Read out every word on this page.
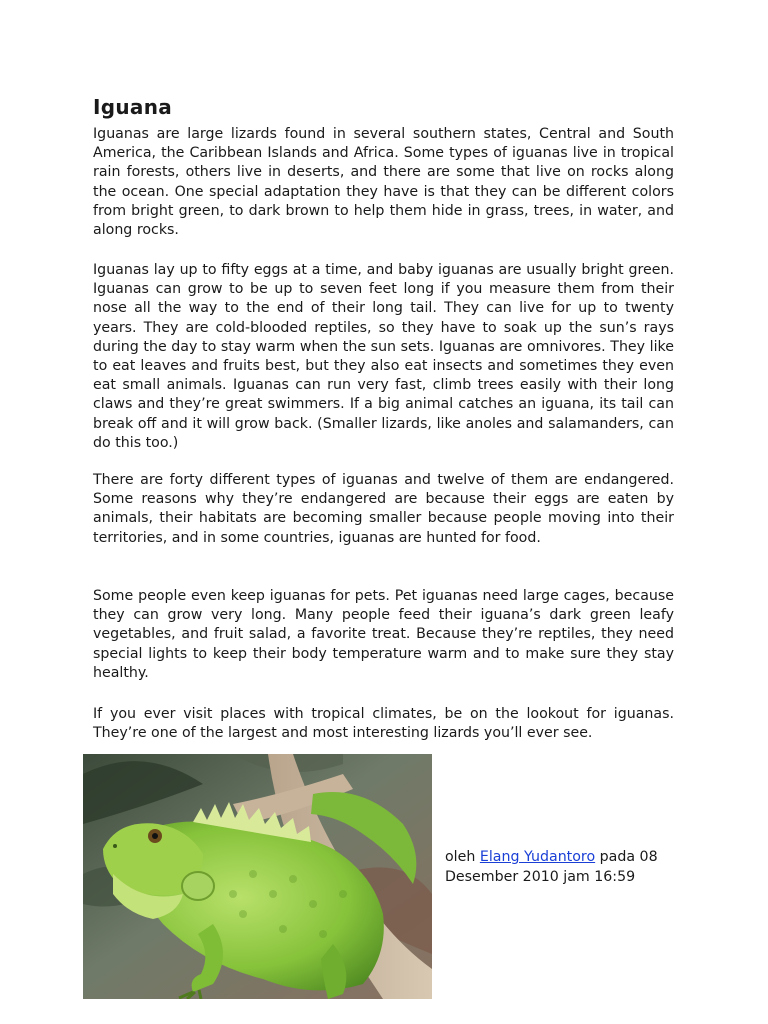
Iguana

Iguanas are large lizards found in several southern states, Central and South America, the Caribbean Islands and Africa. Some types of iguanas live in tropical rain forests, others live in deserts, and there are some that live on rocks along the ocean. One special adaptation they have is that they can be different colors from bright green, to dark brown to help them hide in grass, trees, in water, and along rocks.

Iguanas lay up to fifty eggs at a time, and baby iguanas are usually bright green. Iguanas can grow to be up to seven feet long if you measure them from their nose all the way to the end of their long tail. They can live for up to twenty years. They are cold-blooded reptiles, so they have to soak up the sun’s rays during the day to stay warm when the sun sets. Iguanas are omnivores. They like to eat leaves and fruits best, but they also eat insects and sometimes they even eat small animals. Iguanas can run very fast, climb trees easily with their long claws and they’re great swimmers. If a big animal catches an iguana, its tail can break off and it will grow back. (Smaller lizards, like anoles and salamanders, can do this too.)

There are forty different types of iguanas and twelve of them are endangered. Some reasons why they’re endangered are because their eggs are eaten by animals, their habitats are becoming smaller because people moving into their territories, and in some countries, iguanas are hunted for food.

Some people even keep iguanas for pets. Pet iguanas need large cages, because they can grow very long. Many people feed their iguana’s dark green leafy vegetables, and fruit salad, a favorite treat. Because they’re reptiles, they need special lights to keep their body temperature warm and to make sure they stay healthy.

If you ever visit places with tropical climates, be on the lookout for iguanas. They’re one of the largest and most interesting lizards you’ll ever see.

oleh Elang Yudantoro pada 08 Desember 2010 jam 16:59
